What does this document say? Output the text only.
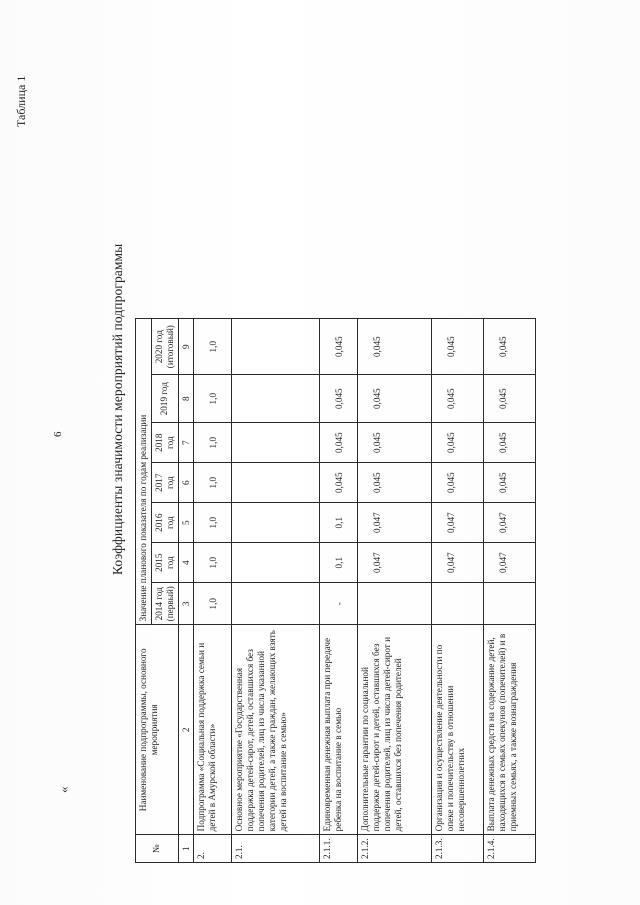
6
Таблица 1
«
Коэффициенты значимости мероприятий подпрограммы
№	Наименование подпрограммы, основного мероприятия	Значение планового показателя по годам реализации						
		2014 год (первый)	2015 год	2016 год	2017 год	2018 год	2019 год	2020 год (итоговый)
1	2	3	4	5	6	7	8	9
2.	Подпрограмма «Социальная поддержка семьи и детей в Амурской области»	1,0	1,0	1,0	1,0	1,0	1,0	1,0
2.1.	Основное мероприятие «Государственная поддержка детей-сирот, детей, оставшихся без попечения родителей, лиц из числа указанной категории детей, а также граждан, желающих взять детей на воспитание в семью»							
2.1.1.	Единовременная денежная выплата при передаче ребенка на воспитание в семью	-	0,1	0,1	0,045	0,045	0,045	0,045
2.1.2.	Дополнительные гарантии по социальной поддержке детей-сирот и детей, оставшихся без попечения родителей, лиц из числа детей-сирот и детей, оставшихся без попечения родителей		0,047	0,047	0,045	0,045	0,045	0,045
2.1.3.	Организация и осуществление деятельности по опеке и попечительству в отношении несовершеннолетних		0,047	0,047	0,045	0,045	0,045	0,045
2.1.4.	Выплата денежных средств на содержание детей, находящихся в семьях опекунов (попечителей) и в приемных семьях, а также вознаграждения		0,047	0,047	0,045	0,045	0,045	0,045
